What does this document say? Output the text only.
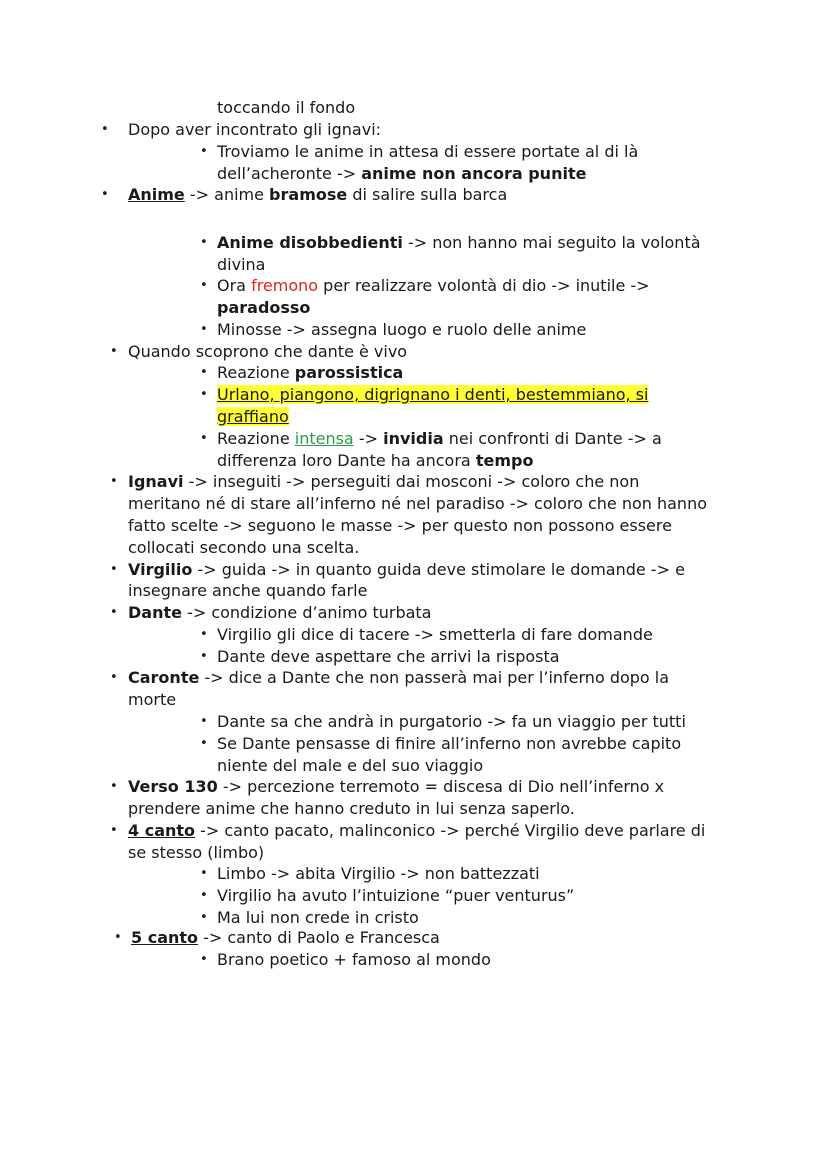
toccando il fondo
• Dopo aver incontrato gli ignavi:
• Troviamo le anime in attesa di essere portate al di là
dell’acheronte -> anime non ancora punite
• Anime -> anime bramose di salire sulla barca
• Anime disobbedienti -> non hanno mai seguito la volontà
divina
• Ora fremono per realizzare volontà di dio -> inutile ->
paradosso
• Minosse -> assegna luogo e ruolo delle anime
• Quando scoprono che dante è vivo
• Reazione parossistica
• Urlano, piangono, digrignano i denti, bestemmiano, si
graffiano
• Reazione intensa -> invidia nei confronti di Dante -> a
differenza loro Dante ha ancora tempo
• Ignavi -> inseguiti -> perseguiti dai mosconi -> coloro che non
meritano né di stare all’inferno né nel paradiso -> coloro che non hanno
fatto scelte -> seguono le masse -> per questo non possono essere
collocati secondo una scelta.
• Virgilio -> guida -> in quanto guida deve stimolare le domande -> e
insegnare anche quando farle
• Dante -> condizione d’animo turbata
• Virgilio gli dice di tacere -> smetterla di fare domande
• Dante deve aspettare che arrivi la risposta
• Caronte -> dice a Dante che non passerà mai per l’inferno dopo la
morte
• Dante sa che andrà in purgatorio -> fa un viaggio per tutti
• Se Dante pensasse di finire all’inferno non avrebbe capito
niente del male e del suo viaggio
• Verso 130 -> percezione terremoto = discesa di Dio nell’inferno x
prendere anime che hanno creduto in lui senza saperlo.
• 4 canto -> canto pacato, malinconico -> perché Virgilio deve parlare di
se stesso (limbo)
• Limbo -> abita Virgilio -> non battezzati
• Virgilio ha avuto l’intuizione “puer venturus”
• Ma lui non crede in cristo
• 5 canto -> canto di Paolo e Francesca
• Brano poetico + famoso al mondo
